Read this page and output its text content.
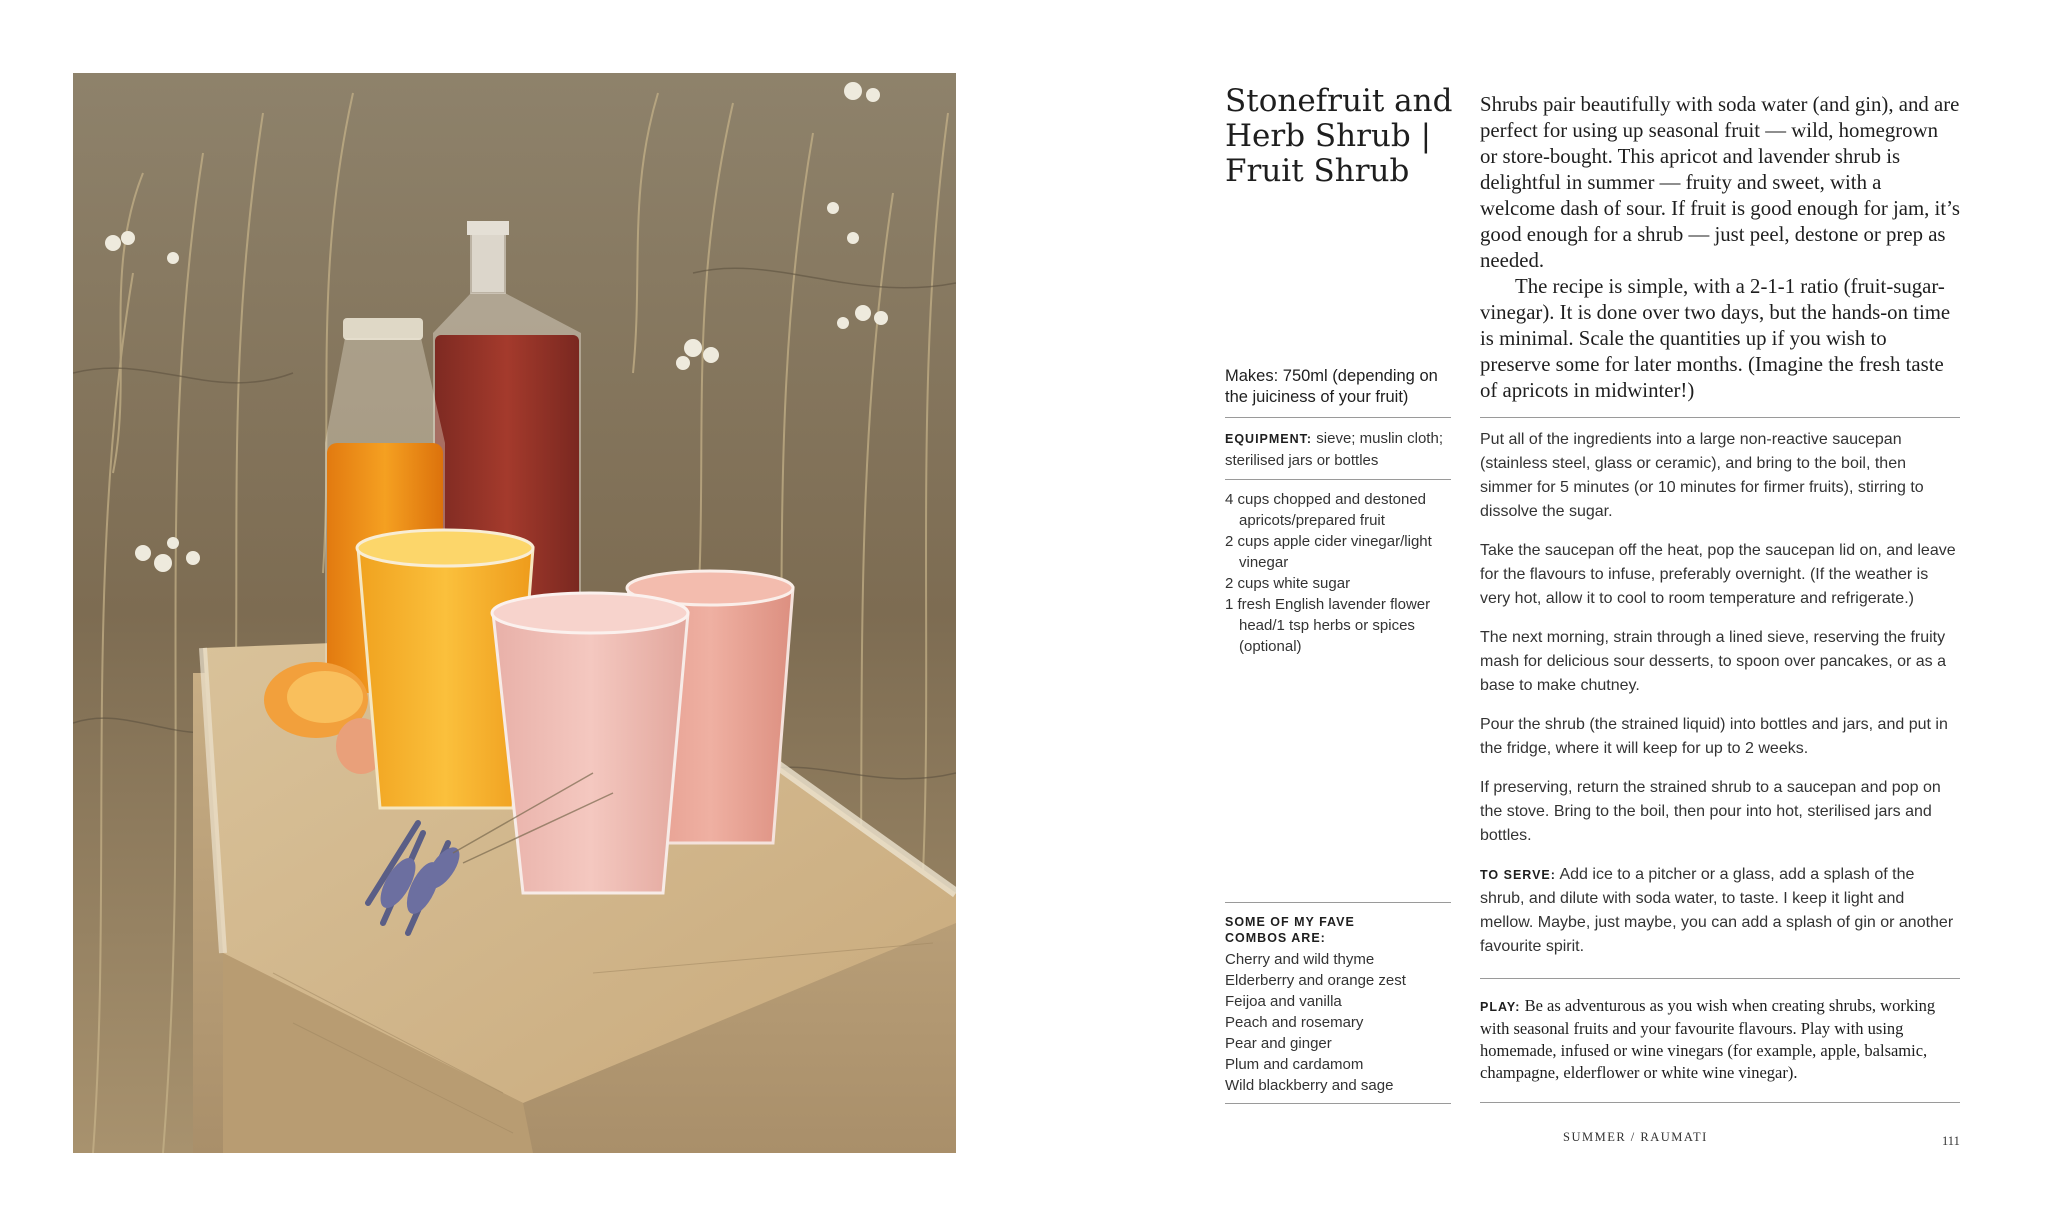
Stonefruit and Herb Shrub | Fruit Shrub

Shrubs pair beautifully with soda water (and gin), and are perfect for using up seasonal fruit — wild, homegrown or store-bought. This apricot and lavender shrub is delightful in summer — fruity and sweet, with a welcome dash of sour. If fruit is good enough for jam, it’s good enough for a shrub — just peel, destone or prep as needed.

The recipe is simple, with a 2-1-1 ratio (fruit-sugar-vinegar). It is done over two days, but the hands-on time is minimal. Scale the quantities up if you wish to preserve some for later months. (Imagine the fresh taste of apricots in midwinter!)

Makes: 750ml (depending on the juiciness of your fruit)
EQUIPMENT: sieve; muslin cloth; sterilised jars or bottles
4 cups chopped and destoned apricots/prepared fruit
2 cups apple cider vinegar/light vinegar
2 cups white sugar
1 fresh English lavender flower head/1 tsp herbs or spices (optional)
SOME OF MY FAVE
COMBOS ARE:
Cherry and wild thyme
Elderberry and orange zest
Feijoa and vanilla
Peach and rosemary
Pear and ginger
Plum and cardamom
Wild blackberry and sage

Put all of the ingredients into a large non-reactive saucepan (stainless steel, glass or ceramic), and bring to the boil, then simmer for 5 minutes (or 10 minutes for firmer fruits), stirring to dissolve the sugar.

Take the saucepan off the heat, pop the saucepan lid on, and leave for the flavours to infuse, preferably overnight. (If the weather is very hot, allow it to cool to room temperature and refrigerate.)

The next morning, strain through a lined sieve, reserving the fruity mash for delicious sour desserts, to spoon over pancakes, or as a base to make chutney.

Pour the shrub (the strained liquid) into bottles and jars, and put in the fridge, where it will keep for up to 2 weeks.

If preserving, return the strained shrub to a saucepan and pop on the stove. Bring to the boil, then pour into hot, sterilised jars and bottles.

TO SERVE: Add ice to a pitcher or a glass, add a splash of the shrub, and dilute with soda water, to taste. I keep it light and mellow. Maybe, just maybe, you can add a splash of gin or another favourite spirit.

PLAY: Be as adventurous as you wish when creating shrubs, working with seasonal fruits and your favourite flavours. Play with using homemade, infused or wine vinegars (for example, apple, balsamic, champagne, elderflower or white wine vinegar).
SUMMER / RAUMATI	111
